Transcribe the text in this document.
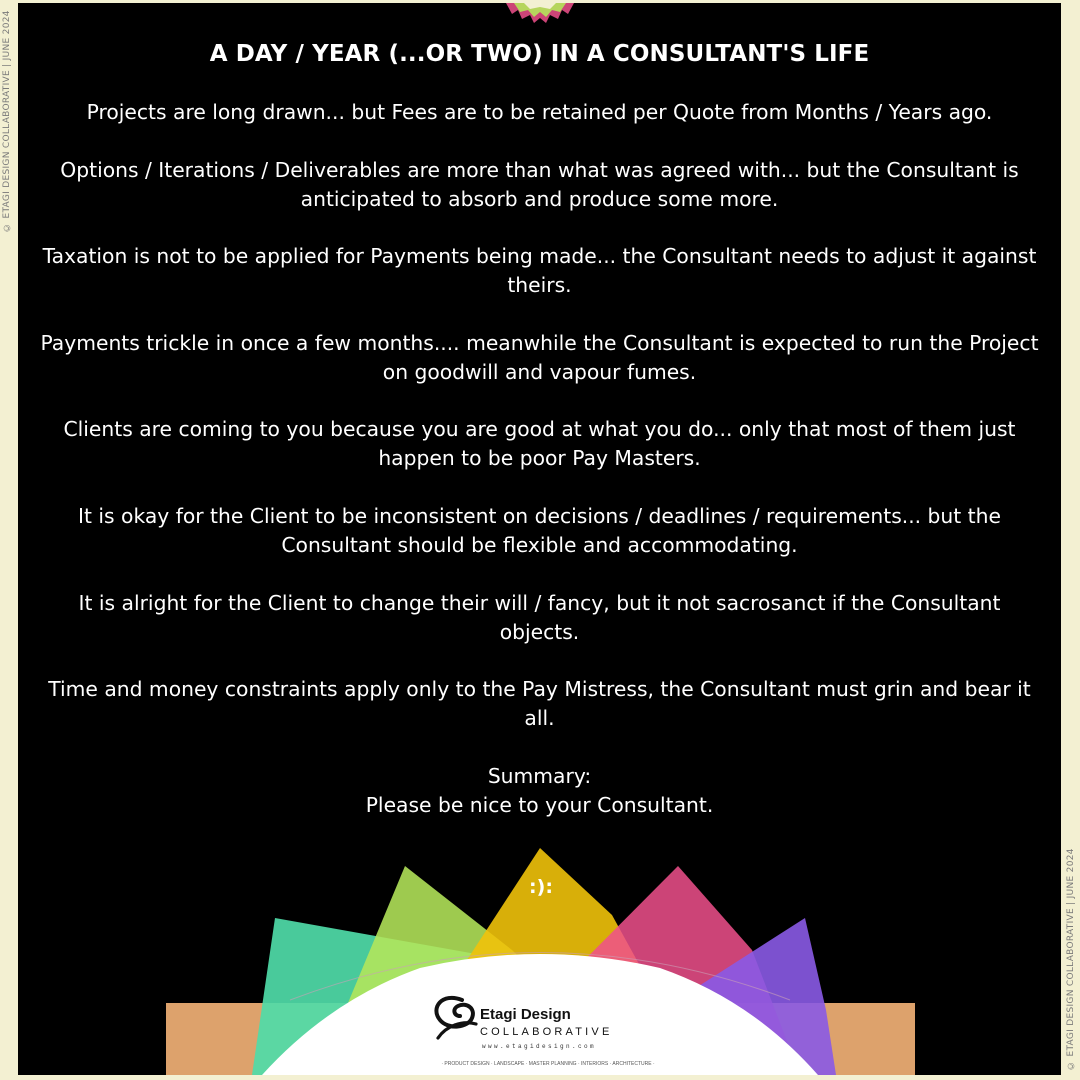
© ETAGI DESIGN COLLABORATIVE | JUNE 2024
© ETAGI DESIGN COLLABORATIVE | JUNE 2024
A DAY / YEAR (...OR TWO) IN A CONSULTANT'S LIFE

Projects are long drawn... but Fees are to be retained per Quote from Months / Years ago.

Options / Iterations / Deliverables are more than what was agreed with... but the Consultant is anticipated to absorb and produce some more.

Taxation is not to be applied for Payments being made... the Consultant needs to adjust it against theirs.

Payments trickle in once a few months.... meanwhile the Consultant is expected to run the Project on goodwill and vapour fumes.

Clients are coming to you because you are good at what you do... only that most of them just happen to be poor Pay Masters.

It is okay for the Client to be inconsistent on decisions / deadlines / requirements... but the Consultant should be flexible and accommodating.

It is alright for the Client to change their will / fancy, but it not sacrosanct if the Consultant objects.

Time and money constraints apply only to the Pay Mistress, the Consultant must grin and bear it all.

Summary:
Please be nice to your Consultant.
:):
Etagi Design
COLLABORATIVE
www.etagidesign.com
· PRODUCT DESIGN · LANDSCAPE · MASTER PLANNING · INTERIORS · ARCHITECTURE ·
